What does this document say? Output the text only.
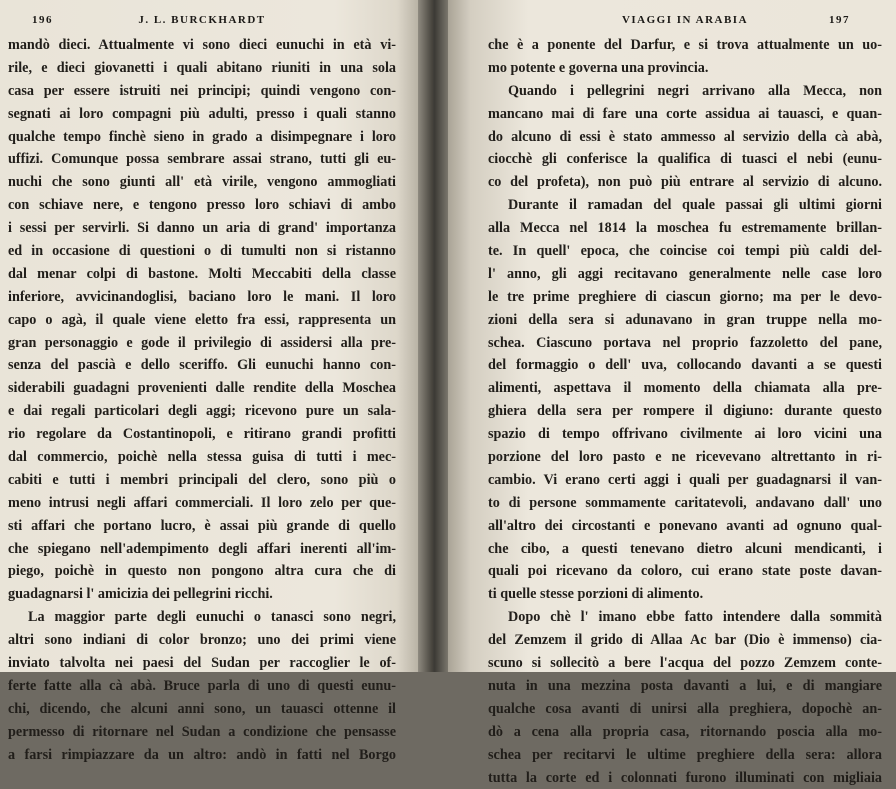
196	J. L. BURCKHARDT
mandò dieci. Attualmente vi sono dieci eunuchi in età vi-
rile, e dieci giovanetti i quali abitano riuniti in una sola
casa per essere istruiti nei principi; quindi vengono con-
segnati ai loro compagni più adulti, presso i quali stanno
qualche tempo finchè sieno in grado a disimpegnare i loro
uffizi. Comunque possa sembrare assai strano, tutti gli eu-
nuchi che sono giunti all' età virile, vengono ammogliati
con schiave nere, e tengono presso loro schiavi di ambo
i sessi per servirli. Si danno un aria di grand' importanza
ed in occasione di questioni o di tumulti non si ristanno
dal menar colpi di bastone. Molti Meccabiti della classe
inferiore, avvicinandoglisi, baciano loro le mani. Il loro
capo o agà, il quale viene eletto fra essi, rappresenta un
gran personaggio e gode il privilegio di assidersi alla pre-
senza del pascià e dello sceriffo. Gli eunuchi hanno con-
siderabili guadagni provenienti dalle rendite della Moschea
e dai regali particolari degli aggi; ricevono pure un sala-
rio regolare da Costantinopoli, e ritirano grandi profitti
dal commercio, poichè nella stessa guisa di tutti i mec-
cabiti e tutti i membri principali del clero, sono più o
meno intrusi negli affari commerciali. Il loro zelo per que-
sti affari che portano lucro, è assai più grande di quello
che spiegano nell'adempimento degli affari inerenti all'im-
piego, poichè in questo non pongono altra cura che di
guadagnarsi l' amicizia dei pellegrini ricchi.
La maggior parte degli eunuchi o tanasci sono negri,
altri sono indiani di color bronzo; uno dei primi viene
inviato talvolta nei paesi del Sudan per raccoglier le of-
ferte fatte alla cà abà. Bruce parla di uno di questi eunu-
chi, dicendo, che alcuni anni sono, un tauasci ottenne il
permesso di ritornare nel Sudan a condizione che pensasse
a farsi rimpiazzare da un altro: andò in fatti nel Borgo
VIAGGI IN ARABIA	197
che è a ponente del Darfur, e si trova attualmente un uo-
mo potente e governa una provincia.
Quando i pellegrini negri arrivano alla Mecca, non
mancano mai di fare una corte assidua ai tauasci, e quan-
do alcuno di essi è stato ammesso al servizio della cà abà,
ciocchè gli conferisce la qualifica di tuasci el nebi (eunu-
co del profeta), non può più entrare al servizio di alcuno.
Durante il ramadan del quale passai gli ultimi giorni
alla Mecca nel 1814 la moschea fu estremamente brillan-
te. In quell' epoca, che coincise coi tempi più caldi del-
l' anno, gli aggi recitavano generalmente nelle case loro
le tre prime preghiere di ciascun giorno; ma per le devo-
zioni della sera si adunavano in gran truppe nella mo-
schea. Ciascuno portava nel proprio fazzoletto del pane,
del formaggio o dell' uva, collocando davanti a se questi
alimenti, aspettava il momento della chiamata alla pre-
ghiera della sera per rompere il digiuno: durante questo
spazio di tempo offrivano civilmente ai loro vicini una
porzione del loro pasto e ne ricevevano altrettanto in ri-
cambio. Vi erano certi aggi i quali per guadagnarsi il van-
to di persone sommamente caritatevoli, andavano dall' uno
all'altro dei circostanti e ponevano avanti ad ognuno qual-
che cibo, a questi tenevano dietro alcuni mendicanti, i
quali poi ricevano da coloro, cui erano state poste davan-
ti quelle stesse porzioni di alimento.
Dopo chè l' imano ebbe fatto intendere dalla sommità
del Zemzem il grido di Allaa Ac bar (Dio è immenso) cia-
scuno si sollecitò a bere l'acqua del pozzo Zemzem conte-
nuta in una mezzina posta davanti a lui, e di mangiare
qualche cosa avanti di unirsi alla preghiera, dopochè an-
dò a cena alla propria casa, ritornando poscia alla mo-
schea per recitarvi le ultime preghiere della sera: allora
tutta la corte ed i colonnati furono illuminati con migliaia
